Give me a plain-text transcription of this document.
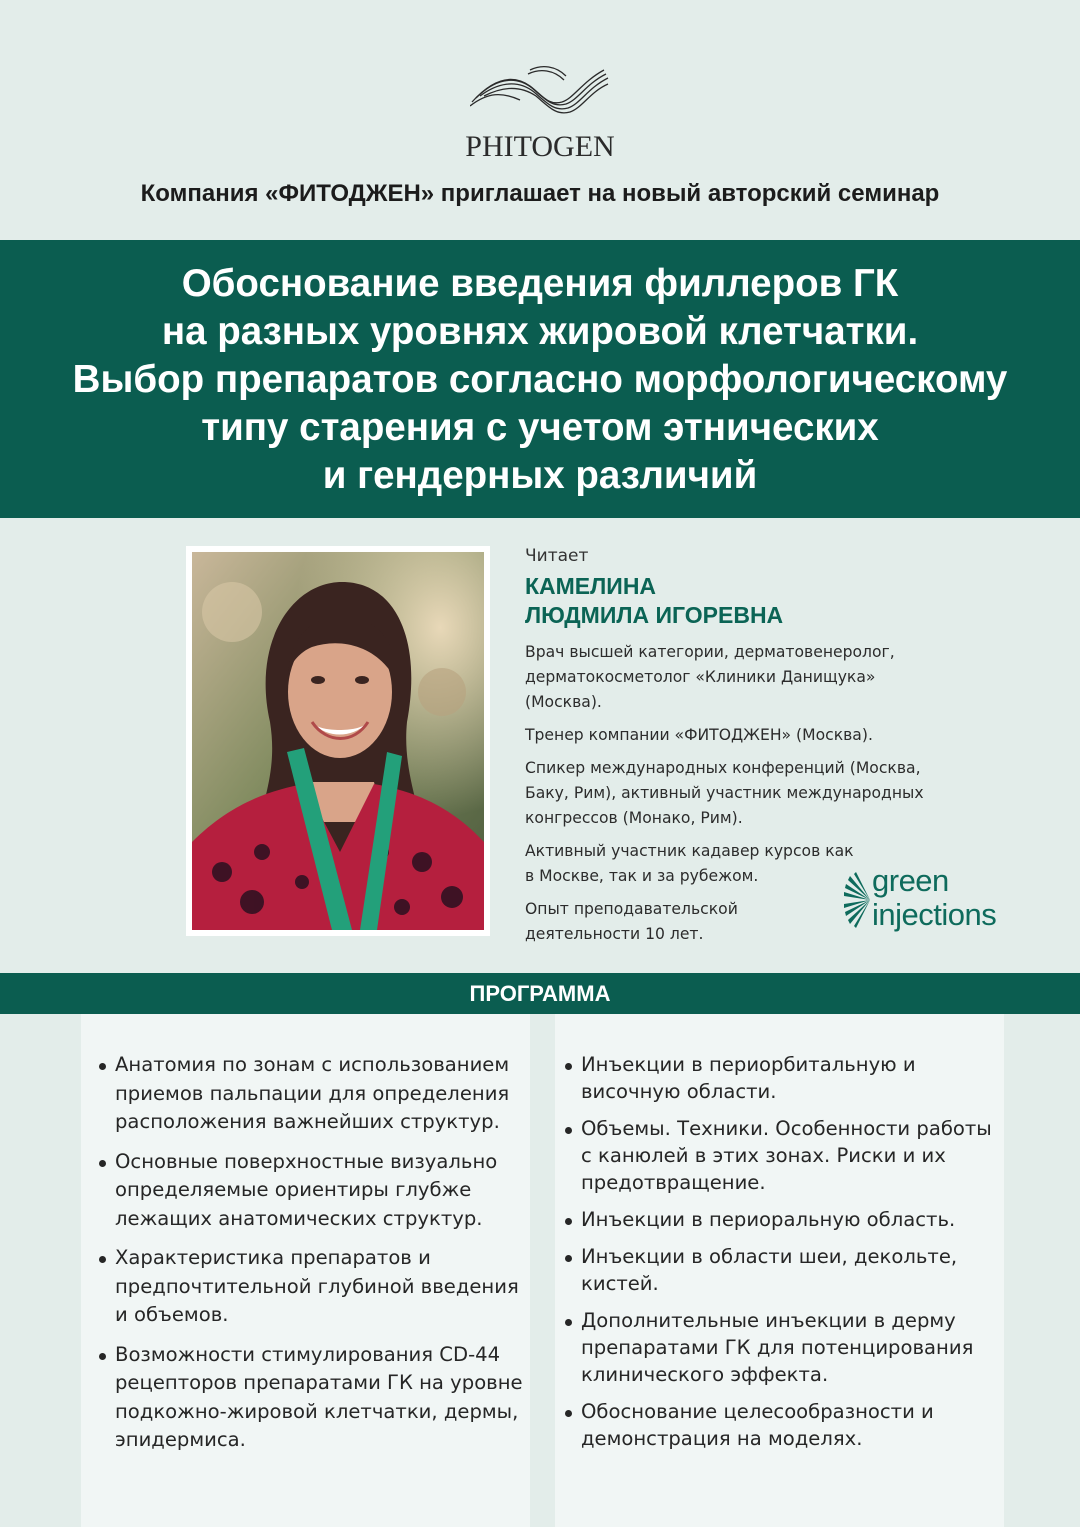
PHITOGEN
Компания «ФИТОДЖЕН» приглашает на новый авторский семинар
Обоснование введения филлеров ГК
на разных уровнях жировой клетчатки.
Выбор препаратов согласно морфологическому
типу старения с учетом этнических
и гендерных различий

Читает

КАМЕЛИНА
ЛЮДМИЛА ИГОРЕВНА

Врач высшей категории, дерматовенеролог, дерматокосметолог «Клиники Данищука» (Москва).

Тренер компании «ФИТОДЖЕН» (Москва).

Спикер международных конференций (Москва, Баку, Рим), активный участник международных конгрессов (Монако, Рим).

Активный участник кадавер курсов как в Москве, так и за рубежом.

Опыт преподавательской деятельности 10 лет.

green
injections
ПРОГРАММА
Анатомия по зонам с использованием приемов пальпации для определения расположения важнейших структур.
Основные поверхностные визуально определяемые ориентиры глубже лежащих анатомических структур.
Характеристика препаратов и предпочтительной глубиной введения и объемов.
Возможности стимулирования CD-44 рецепторов препаратами ГК на уровне подкожно-жировой клетчатки, дермы, эпидермиса.
Инъекции в периорбитальную и височную области.
Объемы. Техники. Особенности работы с канюлей в этих зонах. Риски и их предотвращение.
Инъекции в периоральную область.
Инъекции в области шеи, декольте, кистей.
Дополнительные инъекции в дерму препаратами ГК для потенцирования клинического эффекта.
Обоснование целесообразности и демонстрация на моделях.
